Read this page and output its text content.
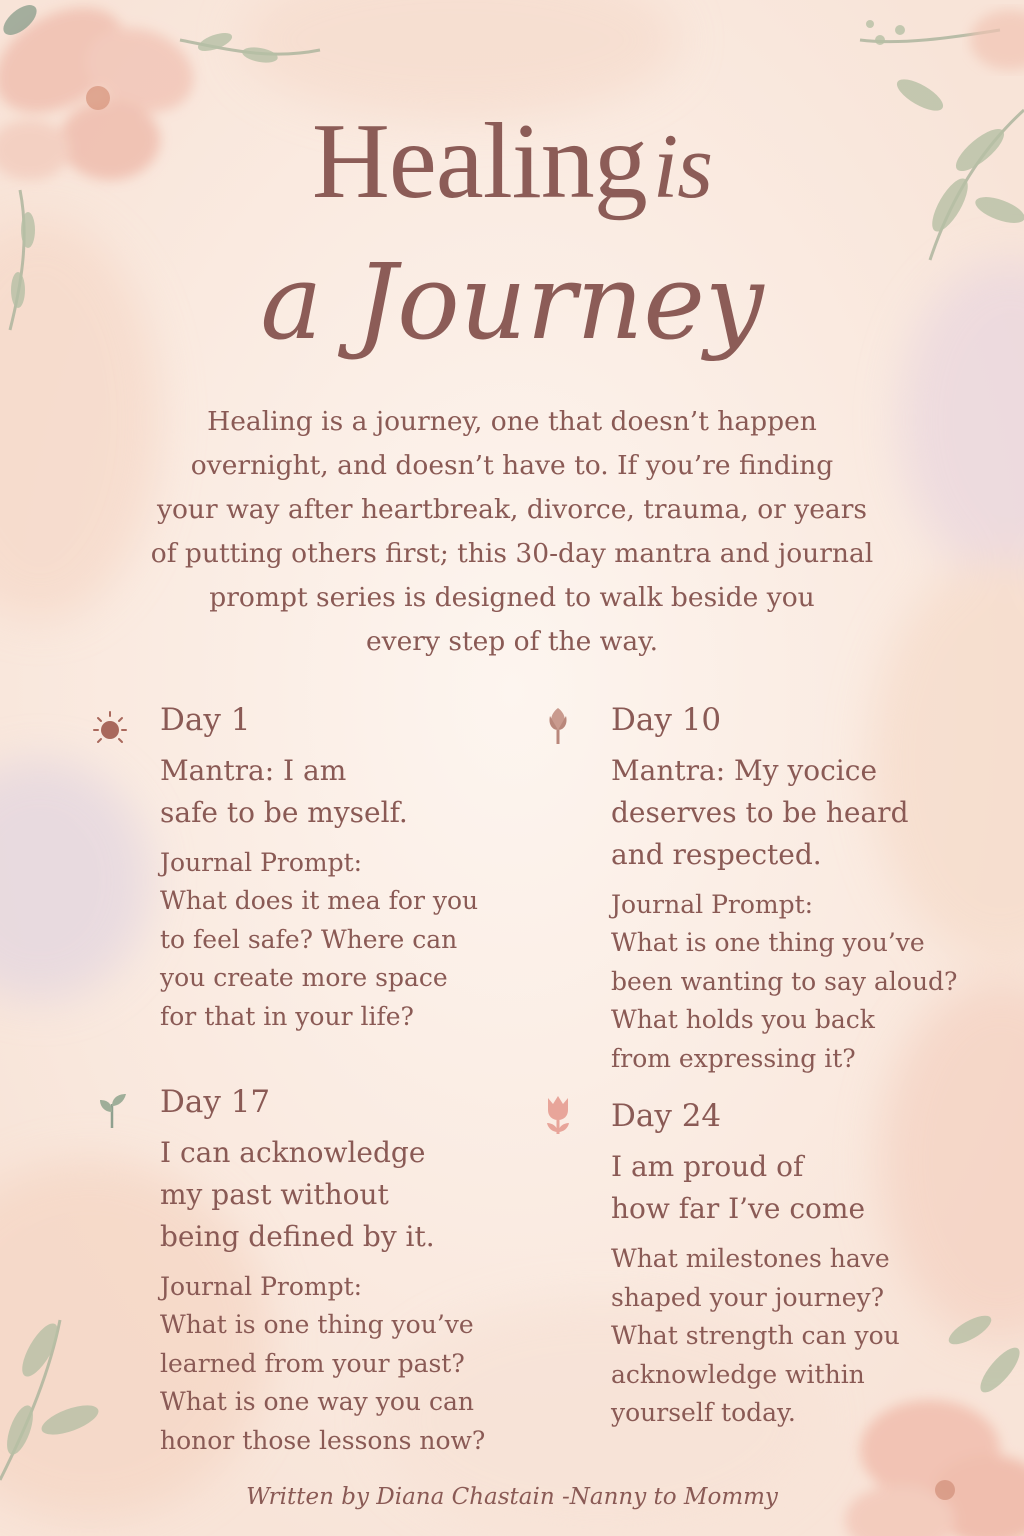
Healingis
a Journey
Healing is a journey, one that doesn’t happen
overnight, and doesn’t have to. If you’re finding
your way after heartbreak, divorce, trauma, or years
of putting others first; this 30-day mantra and journal
prompt series is designed to walk beside you
every step of the way.
Day 1
Mantra: I am
safe to be myself.
Journal Prompt:
What does it mea for you
to feel safe? Where can
you create more space
for that in your life?
Day 10
Mantra: My yocice
deserves to be heard
and respected.
Journal Prompt:
What is one thing you’ve
been wanting to say aloud?
What holds you back
from expressing it?
Day 17
I can acknowledge
my past without
being defined by it.
Journal Prompt:
What is one thing you’ve
learned from your past?
What is one way you can
honor those lessons now?
Day 24
I am proud of
how far I’ve come
What milestones have
shaped your journey?
What strength can you
acknowledge within
yourself today.
Written by Diana Chastain -Nanny to Mommy
